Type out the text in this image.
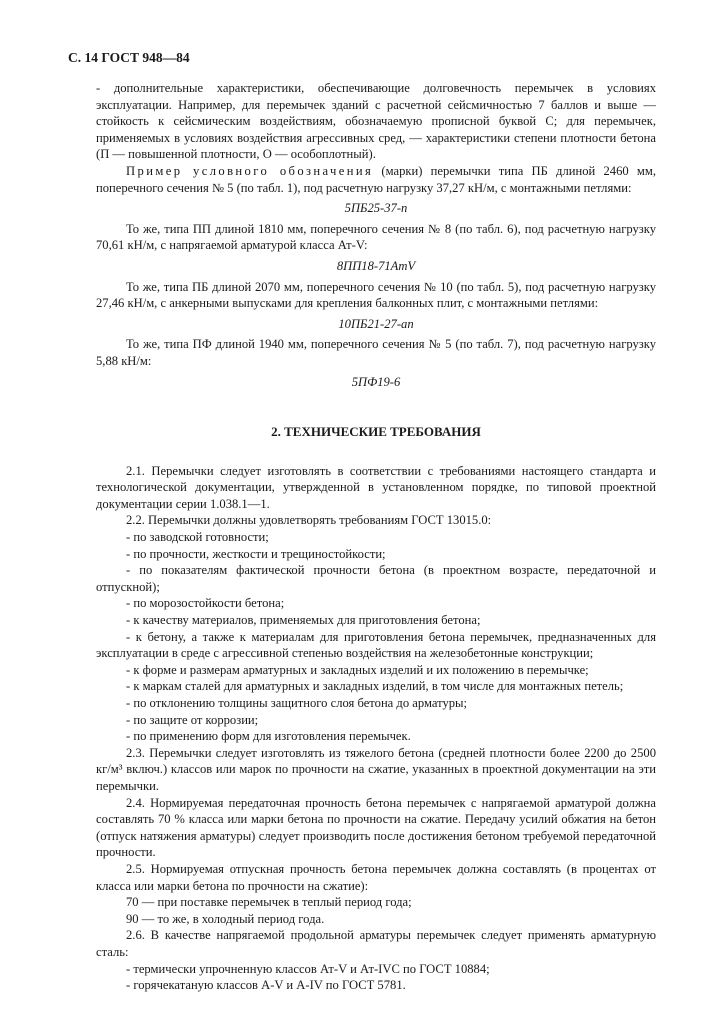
С. 14 ГОСТ 948—84

- дополнительные характеристики, обеспечивающие долговечность перемычек в условиях эксплуатации. Например, для перемычек зданий с расчетной сейсмичностью 7 баллов и выше — стойкость к сейсмическим воздействиям, обозначаемую прописной буквой С; для перемычек, применяемых в условиях воздействия агрессивных сред, — характеристики степени плотности бетона (П — повышенной плотности, О — особоплотный).

Пример условного обозначения (марки) перемычки типа ПБ длиной 2460 мм, поперечного сечения № 5 (по табл. 1), под расчетную нагрузку 37,27 кН/м, с монтажными петлями:

5ПБ25-37-п

То же, типа ПП длиной 1810 мм, поперечного сечения № 8 (по табл. 6), под расчетную нагрузку 70,61 кН/м, с напрягаемой арматурой класса Ат-V:

8ПП18-71АтV

То же, типа ПБ длиной 2070 мм, поперечного сечения № 10 (по табл. 5), под расчетную нагрузку 27,46 кН/м, с анкерными выпусками для крепления балконных плит, с монтажными петлями:

10ПБ21-27-ап

То же, типа ПФ длиной 1940 мм, поперечного сечения № 5 (по табл. 7), под расчетную нагрузку 5,88 кН/м:

5ПФ19-6

2. ТЕХНИЧЕСКИЕ ТРЕБОВАНИЯ

2.1. Перемычки следует изготовлять в соответствии с требованиями настоящего стандарта и технологической документации, утвержденной в установленном порядке, по типовой проектной документации серии 1.038.1—1.

2.2. Перемычки должны удовлетворять требованиям ГОСТ 13015.0:

- по заводской готовности;

- по прочности, жесткости и трещиностойкости;

- по показателям фактической прочности бетона (в проектном возрасте, передаточной и отпускной);

- по морозостойкости бетона;

- к качеству материалов, применяемых для приготовления бетона;

- к бетону, а также к материалам для приготовления бетона перемычек, предназначенных для эксплуатации в среде с агрессивной степенью воздействия на железобетонные конструкции;

- к форме и размерам арматурных и закладных изделий и их положению в перемычке;

- к маркам сталей для арматурных и закладных изделий, в том числе для монтажных петель;

- по отклонению толщины защитного слоя бетона до арматуры;

- по защите от коррозии;

- по применению форм для изготовления перемычек.

2.3. Перемычки следует изготовлять из тяжелого бетона (средней плотности более 2200 до 2500 кг/м³ включ.) классов или марок по прочности на сжатие, указанных в проектной документации на эти перемычки.

2.4. Нормируемая передаточная прочность бетона перемычек с напрягаемой арматурой должна составлять 70 % класса или марки бетона по прочности на сжатие. Передачу усилий обжатия на бетон (отпуск натяжения арматуры) следует производить после достижения бетоном требуемой передаточной прочности.

2.5. Нормируемая отпускная прочность бетона перемычек должна составлять (в процентах от класса или марки бетона по прочности на сжатие):

70 — при поставке перемычек в теплый период года;

90 — то же, в холодный период года.

2.6. В качестве напрягаемой продольной арматуры перемычек следует применять арматурную сталь:

- термически упрочненную классов Ат-V и Ат-IVC по ГОСТ 10884;

- горячекатаную классов А-V и А-IV по ГОСТ 5781.
